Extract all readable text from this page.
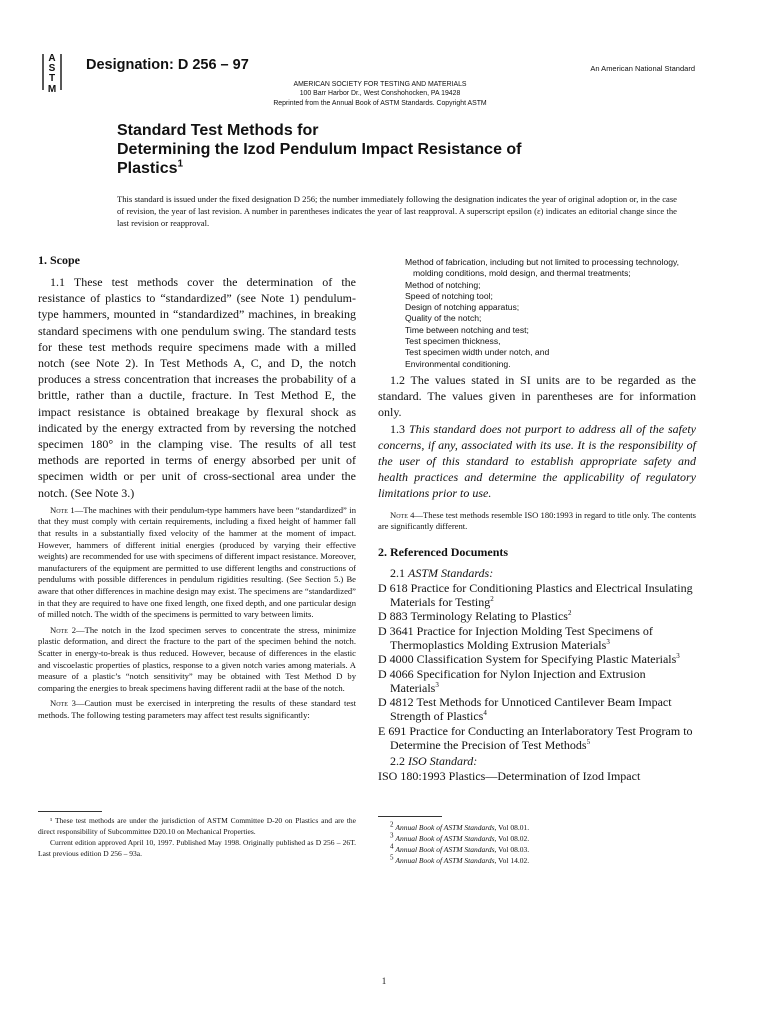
A
S
T
M
Designation: D 256 – 97	An American National Standard
AMERICAN SOCIETY FOR TESTING AND MATERIALS
100 Barr Harbor Dr., West Conshohocken, PA 19428
Reprinted from the Annual Book of ASTM Standards. Copyright ASTM
Standard Test Methods for
Determining the Izod Pendulum Impact Resistance of
Plastics$^1$
This standard is issued under the fixed designation D 256; the number immediately following the designation indicates the year of original adoption or, in the case of revision, the year of last revision. A number in parentheses indicates the year of last reapproval. A superscript epsilon (ε) indicates an editorial change since the last revision or reapproval.
1. Scope

1.1 These test methods cover the determination of the resistance of plastics to “standardized” (see Note 1) pendulum-type hammers, mounted in “standardized” machines, in breaking standard specimens with one pendulum swing. The standard tests for these test methods require specimens made with a milled notch (see Note 2). In Test Methods A, C, and D, the notch produces a stress concentration that increases the probability of a brittle, rather than a ductile, fracture. In Test Method E, the impact resistance is obtained breakage by flexural shock as indicated by the energy extracted from by reversing the notched specimen 180° in the clamping vise. The results of all test methods are reported in terms of energy absorbed per unit of specimen width or per unit of cross-sectional area under the notch. (See Note 3.)

Note 1—The machines with their pendulum-type hammers have been “standardized” in that they must comply with certain requirements, including a fixed height of hammer fall that results in a substantially fixed velocity of the hammer at the moment of impact. However, hammers of different initial energies (produced by varying their effective weights) are recommended for use with specimens of different impact resistance. Moreover, manufacturers of the equipment are permitted to use different lengths and constructions of pendulums with possible differences in pendulum rigidities resulting. (See Section 5.) Be aware that other differences in machine design may exist. The specimens are “standardized” in that they are required to have one fixed length, one fixed depth, and one particular design of milled notch. The width of the specimens is permitted to vary between limits.

Note 2—The notch in the Izod specimen serves to concentrate the stress, minimize plastic deformation, and direct the fracture to the part of the specimen behind the notch. Scatter in energy-to-break is thus reduced. However, because of differences in the elastic and viscoelastic properties of plastics, response to a given notch varies among materials. A measure of a plastic’s “notch sensitivity” may be obtained with Test Method D by comparing the energies to break specimens having different radii at the base of the notch.

Note 3—Caution must be exercised in interpreting the results of these standard test methods. The following testing parameters may affect test results significantly:

Method of fabrication, including but not limited to processing technology, molding conditions, mold design, and thermal treatments;
Method of notching;
Speed of notching tool;
Design of notching apparatus;
Quality of the notch;
Time between notching and test;
Test specimen thickness,
Test specimen width under notch, and
Environmental conditioning.

1.2 The values stated in SI units are to be regarded as the standard. The values given in parentheses are for information only.

1.3 This standard does not purport to address all of the safety concerns, if any, associated with its use. It is the responsibility of the user of this standard to establish appropriate safety and health practices and determine the applicability of regulatory limitations prior to use.

Note 4—These test methods resemble ISO 180:1993 in regard to title only. The contents are significantly different.

2. Referenced Documents
2.1 ASTM Standards:

D 618 Practice for Conditioning Plastics and Electrical Insulating Materials for Testing$^2$

D 883 Terminology Relating to Plastics$^2$

D 3641 Practice for Injection Molding Test Specimens of Thermoplastics Molding Extrusion Materials$^3$

D 4000 Classification System for Specifying Plastic Materials$^3$

D 4066 Specification for Nylon Injection and Extrusion Materials$^3$

D 4812 Test Methods for Unnoticed Cantilever Beam Impact Strength of Plastics$^4$

E 691 Practice for Conducting an Interlaboratory Test Program to Determine the Precision of Test Methods$^5$

2.2 ISO Standard:

ISO 180:1993 Plastics—Determination of Izod Impact

¹ These test methods are under the jurisdiction of ASTM Committee D-20 on Plastics and are the direct responsibility of Subcommittee D20.10 on Mechanical Properties.

Current edition approved April 10, 1997. Published May 1998. Originally published as D 256 – 26T. Last previous edition D 256 – 93a.

$^2$ Annual Book of ASTM Standards, Vol 08.01.

$^3$ Annual Book of ASTM Standards, Vol 08.02.

$^4$ Annual Book of ASTM Standards, Vol 08.03.

$^5$ Annual Book of ASTM Standards, Vol 14.02.

1
